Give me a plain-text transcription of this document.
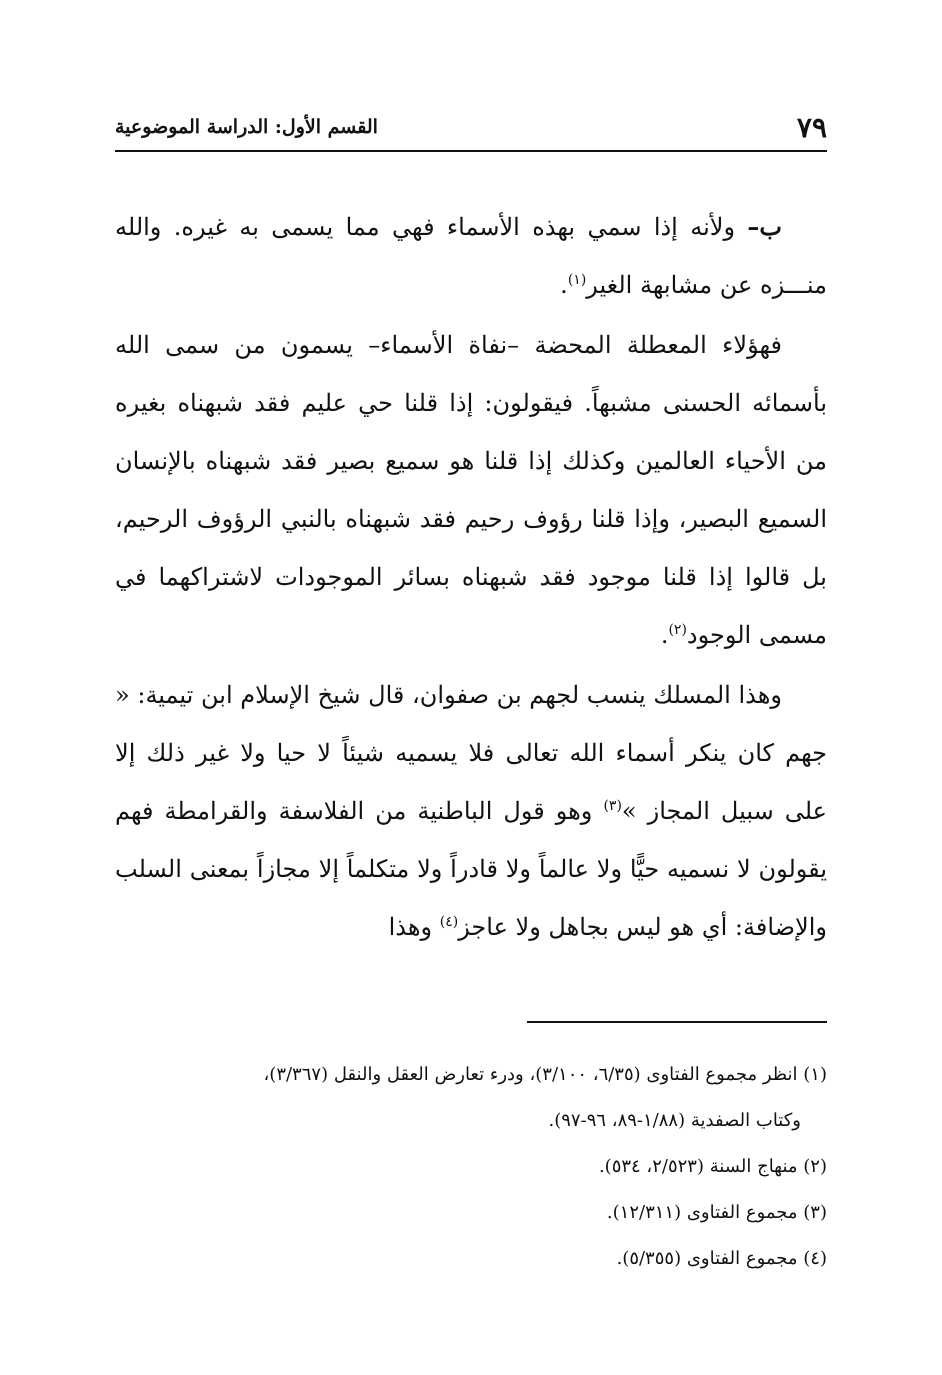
٧٩
القسم الأول: الدراسة الموضوعية

ب– ولأنه إذا سمي بهذه الأسماء فهي مما يسمى به غيره. والله منـــزه عن مشابهة الغير$^{(١)}$.

فهؤلاء المعطلة المحضة –نفاة الأسماء– يسمون من سمى الله بأسمائه الحسنى مشبهاً. فيقولون: إذا قلنا حي عليم فقد شبهناه بغيره من الأحياء العالمين وكذلك إذا قلنا هو سميع بصير فقد شبهناه بالإنسان السميع البصير، وإذا قلنا رؤوف رحيم فقد شبهناه بالنبي الرؤوف الرحيم، بل قالوا إذا قلنا موجود فقد شبهناه بسائر الموجودات لاشتراكهما في مسمى الوجود$^{(٢)}$.

وهذا المسلك ينسب لجهم بن صفوان، قال شيخ الإسلام ابن تيمية: « جهم كان ينكر أسماء الله تعالى فلا يسميه شيئاً لا حيا ولا غير ذلك إلا على سبيل المجاز »$^{(٣)}$ وهو قول الباطنية من الفلاسفة والقرامطة فهم يقولون لا نسميه حيًّا ولا عالماً ولا قادراً ولا متكلماً إلا مجازاً بمعنى السلب والإضافة: أي هو ليس بجاهل ولا عاجز$^{(٤)}$ وهذا

(١) انظر مجموع الفتاوى (٦/٣٥، ٣/١٠٠)، ودرء تعارض العقل والنقل (٣/٣٦٧)،
وكتاب الصفدية (١/٨٨-٨٩، ٩٦-٩٧).
(٢) منهاج السنة (٢/٥٢٣، ٥٣٤).
(٣) مجموع الفتاوى (١٢/٣١١).
(٤) مجموع الفتاوى (٥/٣٥٥).
